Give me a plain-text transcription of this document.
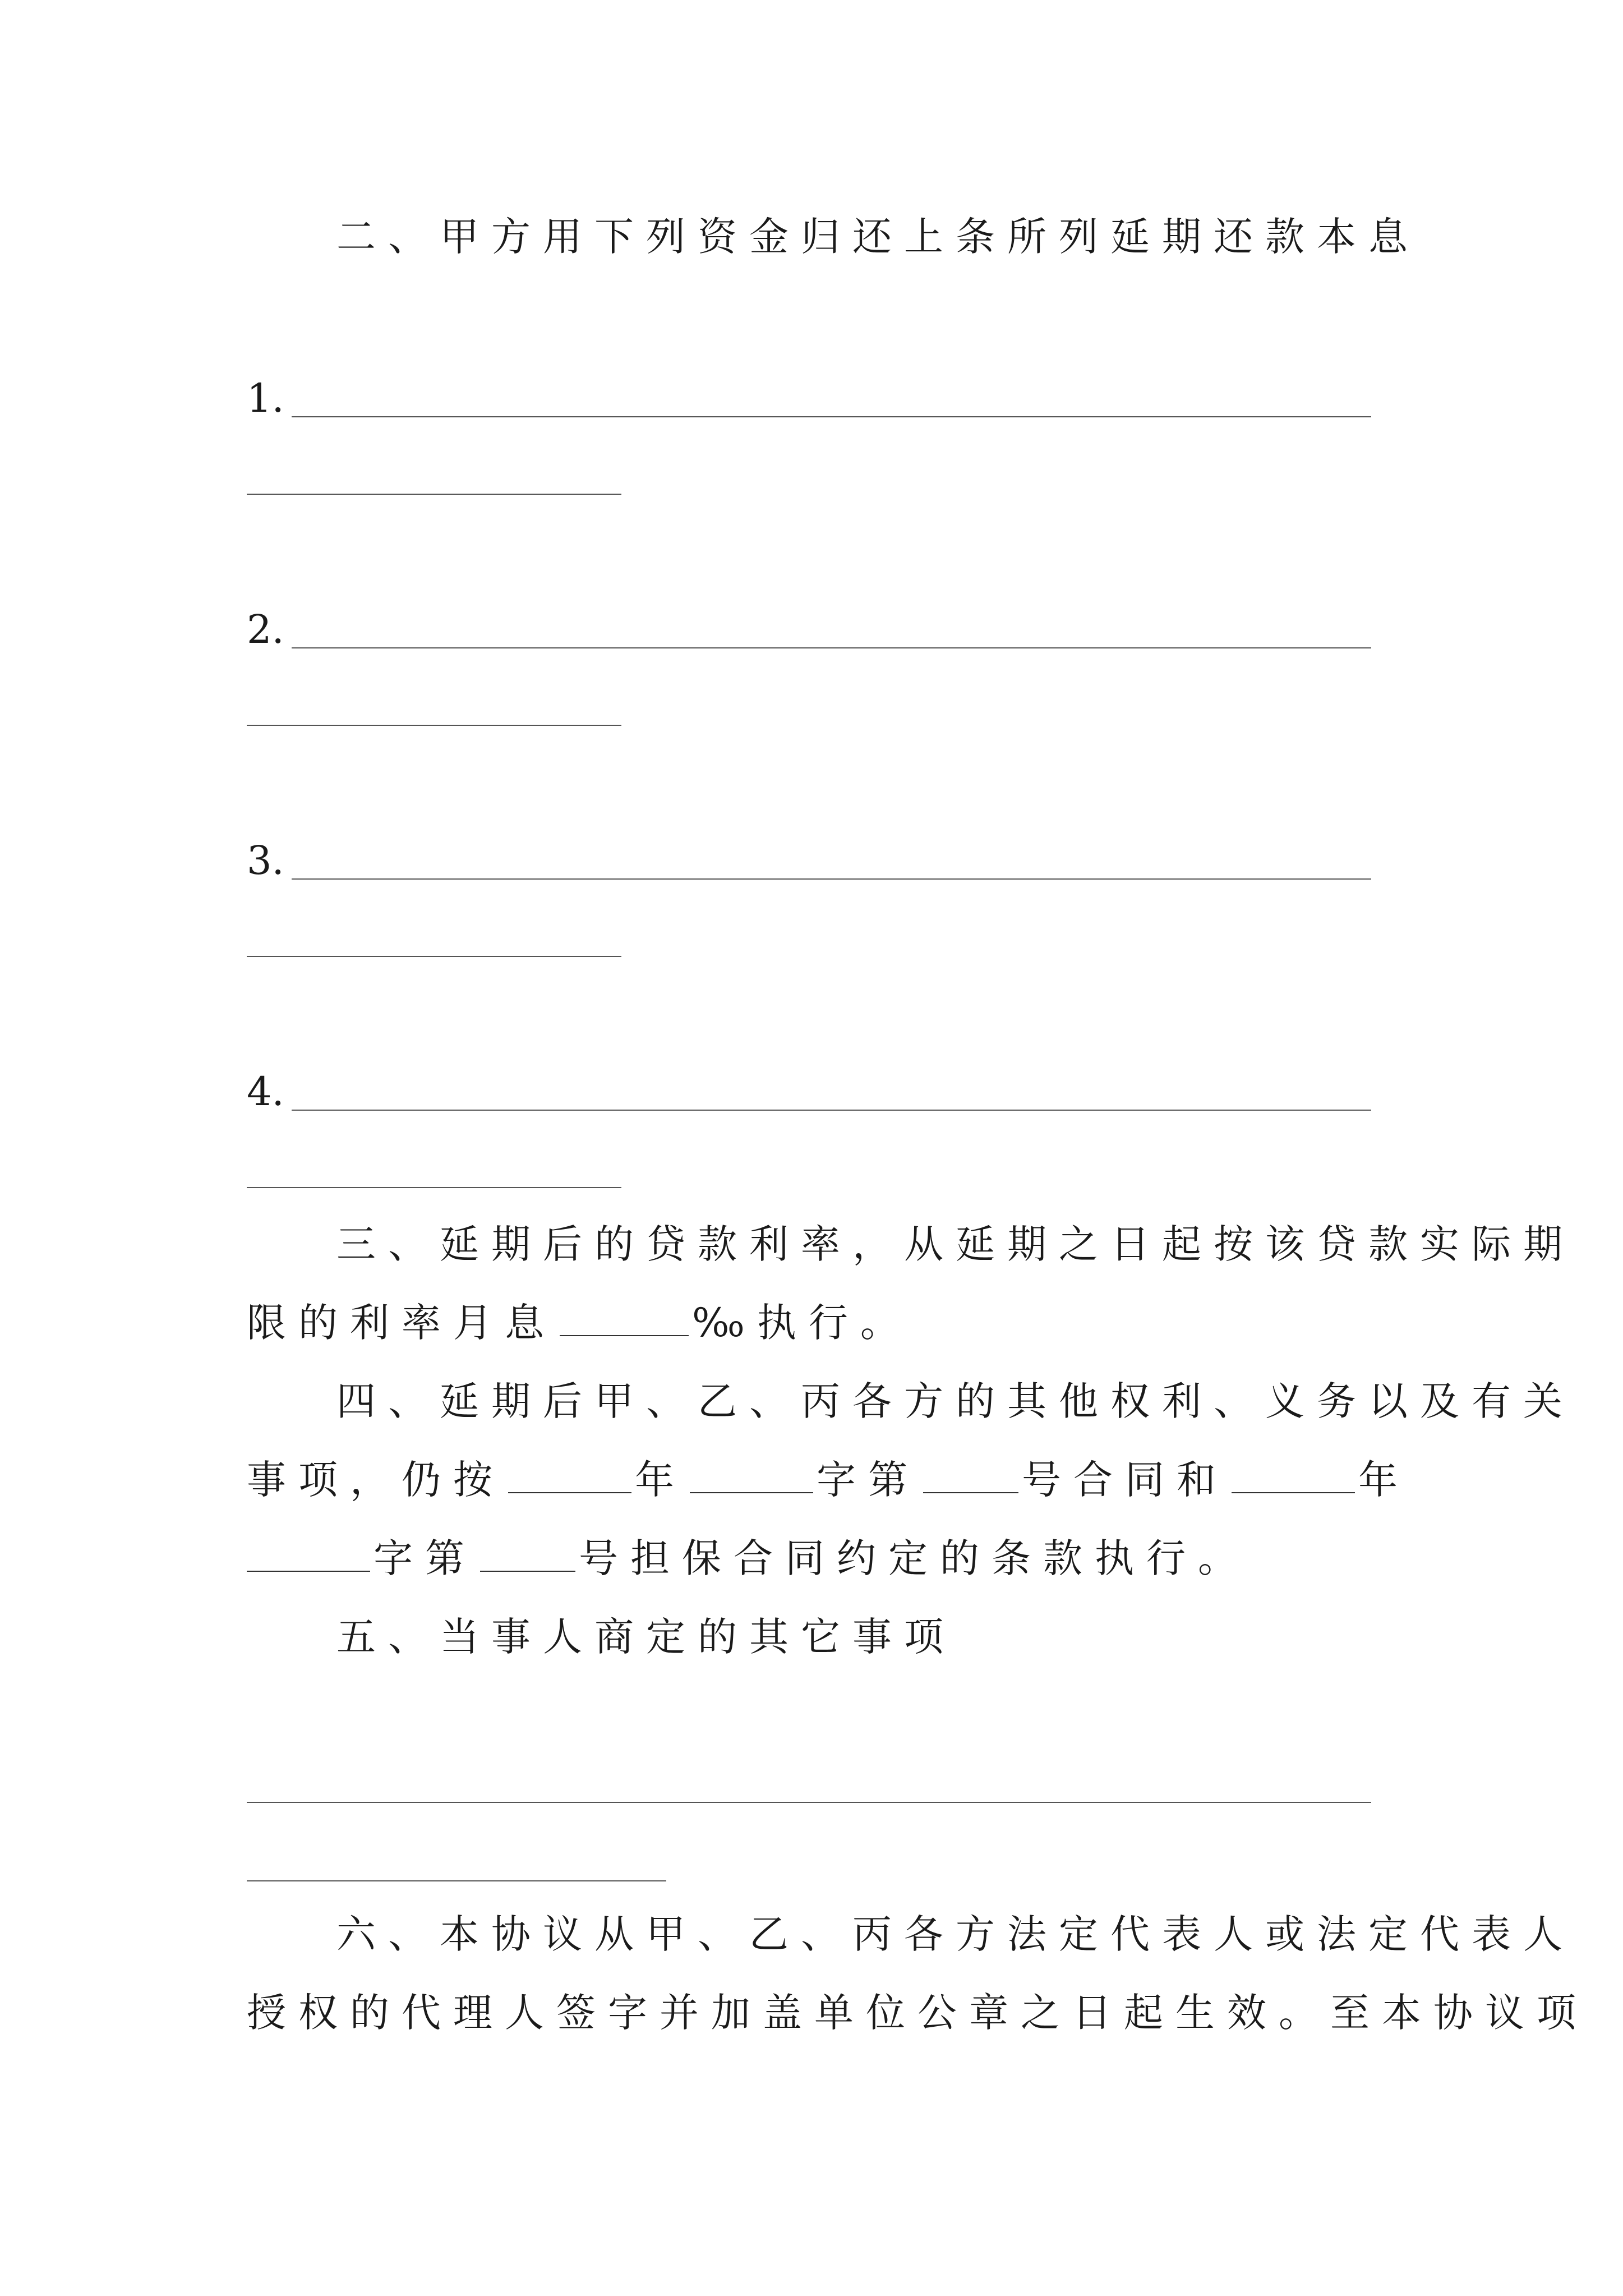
二、甲方用下列资金归还上条所列延期还款本息
1.
2.
3.
4.
三、延期后的贷款利率，从延期之日起按该贷款实际期
限的利率月息	‰执行。
四、延期后甲、乙、丙各方的其他权利、义务以及有关
事项，仍按	年	字第	号合同和	年
字第	号担保合同约定的条款执行。
五、当事人商定的其它事项
六、本协议从甲、乙、丙各方法定代表人或法定代表人
授权的代理人签字并加盖单位公章之日起生效。至本协议项
